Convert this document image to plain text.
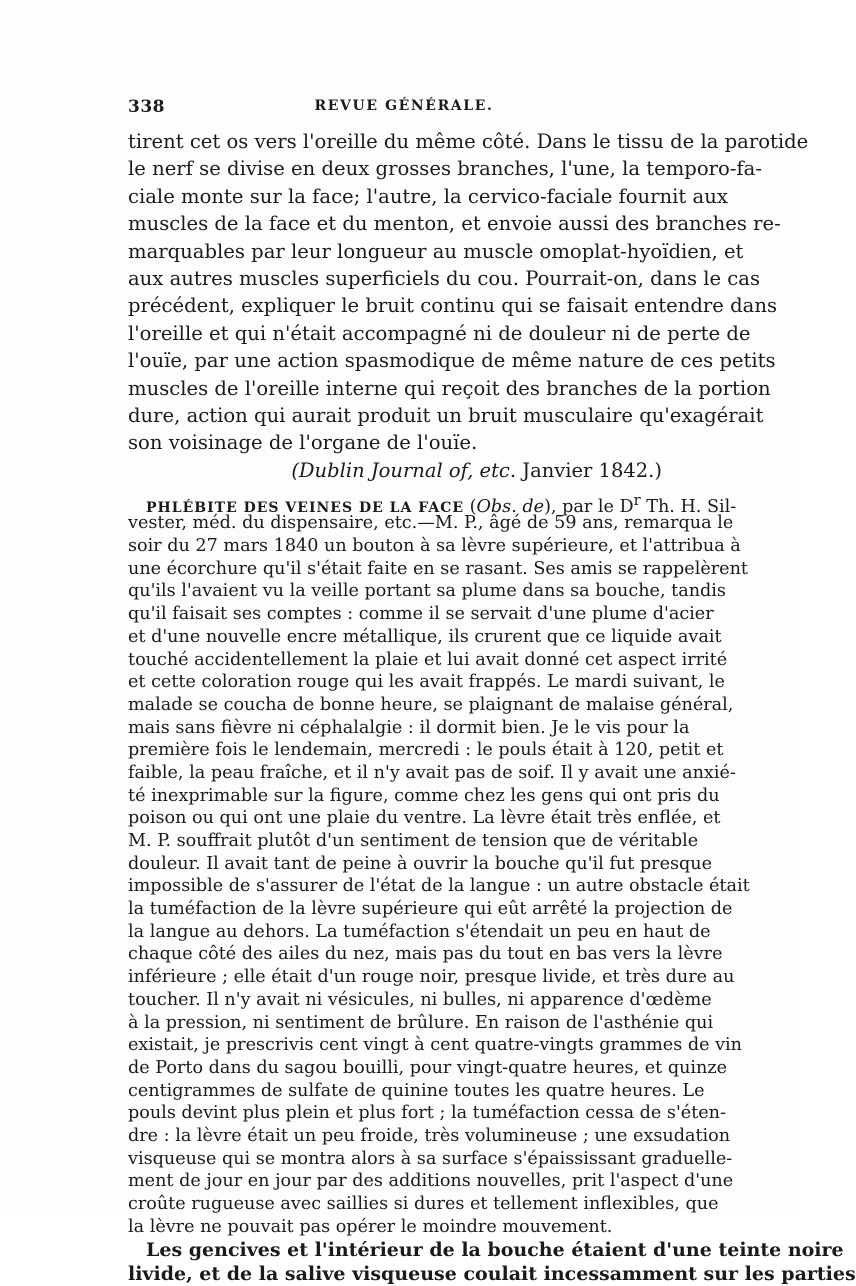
338	REVUE GÉNÉRALE.
tirent cet os vers l'oreille du même côté. Dans le tissu de la parotide
le nerf se divise en deux grosses branches, l'une, la temporo-fa-
ciale monte sur la face; l'autre, la cervico-faciale fournit aux
muscles de la face et du menton, et envoie aussi des branches re-
marquables par leur longueur au muscle omoplat-hyoïdien, et
aux autres muscles superficiels du cou. Pourrait-on, dans le cas
précédent, expliquer le bruit continu qui se faisait entendre dans
l'oreille et qui n'était accompagné ni de douleur ni de perte de
l'ouïe, par une action spasmodique de même nature de ces petits
muscles de l'oreille interne qui reçoit des branches de la portion
dure, action qui aurait produit un bruit musculaire qu'exagérait
son voisinage de l'organe de l'ouïe.
(Dublin Journal of, etc. Janvier 1842.)
PHLÉBITE DES VEINES DE LA FACE (Obs. de), par le $D^r$ Th. H. Sil-
vester, méd. du dispensaire, etc.—M. P., âgé de 59 ans, remarqua le
soir du 27 mars 1840 un bouton à sa lèvre supérieure, et l'attribua à
une écorchure qu'il s'était faite en se rasant. Ses amis se rappelèrent
qu'ils l'avaient vu la veille portant sa plume dans sa bouche, tandis
qu'il faisait ses comptes : comme il se servait d'une plume d'acier
et d'une nouvelle encre métallique, ils crurent que ce liquide avait
touché accidentellement la plaie et lui avait donné cet aspect irrité
et cette coloration rouge qui les avait frappés. Le mardi suivant, le
malade se coucha de bonne heure, se plaignant de malaise général,
mais sans fièvre ni céphalalgie : il dormit bien. Je le vis pour la
première fois le lendemain, mercredi : le pouls était à 120, petit et
faible, la peau fraîche, et il n'y avait pas de soif. Il y avait une anxié-
té inexprimable sur la figure, comme chez les gens qui ont pris du
poison ou qui ont une plaie du ventre. La lèvre était très enflée, et
M. P. souffrait plutôt d'un sentiment de tension que de véritable
douleur. Il avait tant de peine à ouvrir la bouche qu'il fut presque
impossible de s'assurer de l'état de la langue : un autre obstacle était
la tuméfaction de la lèvre supérieure qui eût arrêté la projection de
la langue au dehors. La tuméfaction s'étendait un peu en haut de
chaque côté des ailes du nez, mais pas du tout en bas vers la lèvre
inférieure ; elle était d'un rouge noir, presque livide, et très dure au
toucher. Il n'y avait ni vésicules, ni bulles, ni apparence d'œdème
à la pression, ni sentiment de brûlure. En raison de l'asthénie qui
existait, je prescrivis cent vingt à cent quatre-vingts grammes de vin
de Porto dans du sagou bouilli, pour vingt-quatre heures, et quinze
centigrammes de sulfate de quinine toutes les quatre heures. Le
pouls devint plus plein et plus fort ; la tuméfaction cessa de s'éten-
dre : la lèvre était un peu froide, très volumineuse ; une exsudation
visqueuse qui se montra alors à sa surface s'épaississant graduelle-
ment de jour en jour par des additions nouvelles, prit l'aspect d'une
croûte rugueuse avec saillies si dures et tellement inflexibles, que
la lèvre ne pouvait pas opérer le moindre mouvement.
Les gencives et l'intérieur de la bouche étaient d'une teinte noire
livide, et de la salive visqueuse coulait incessamment sur les parties
